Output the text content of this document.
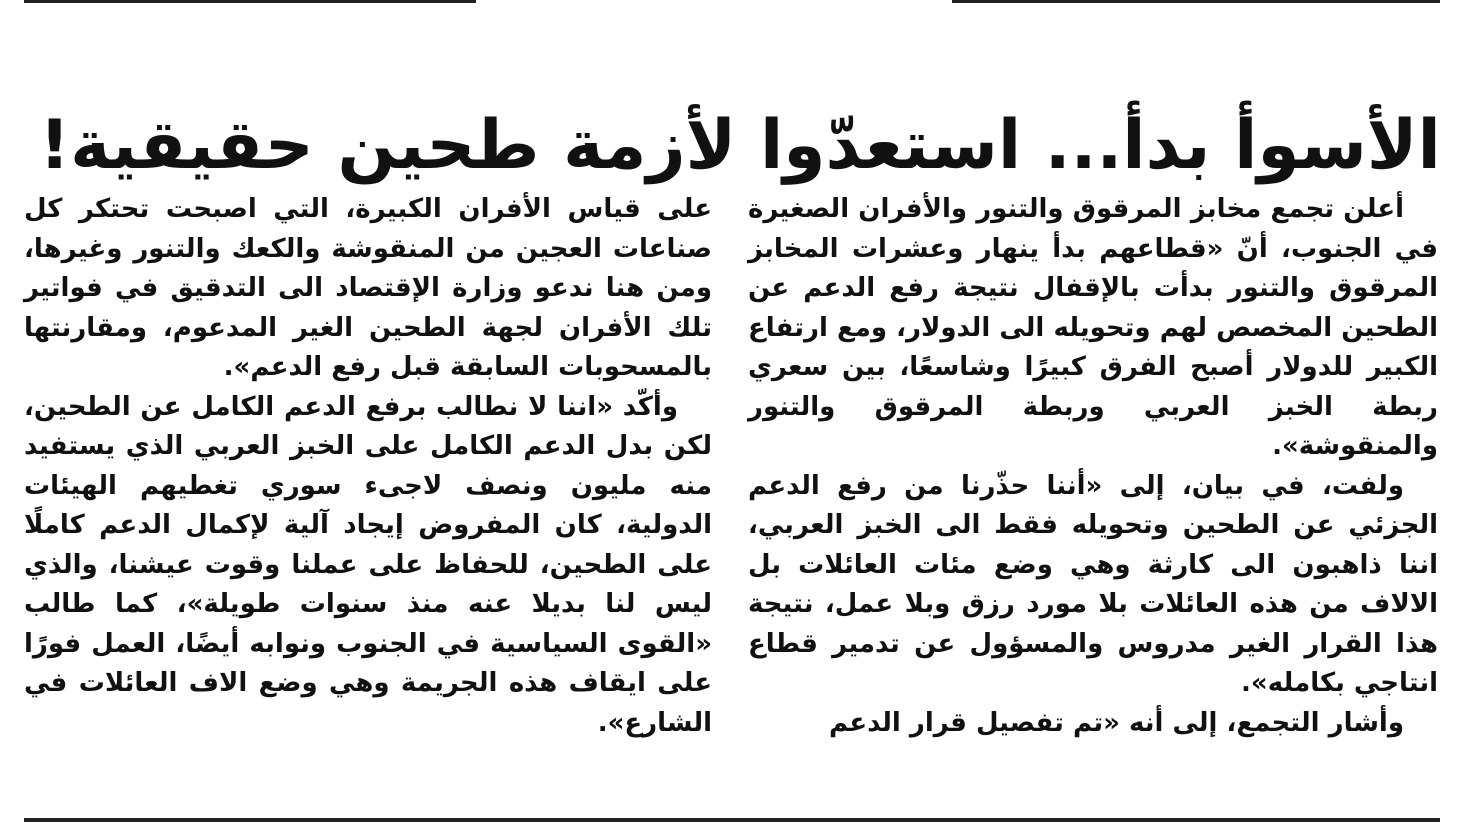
الأسوأ بدأ... استعدّوا لأزمة طحين حقيقية!

أعلن تجمع مخابز المرقوق والتنور والأفران الصغيرة في الجنوب، أنّ «قطاعهم بدأ ينهار وعشرات المخابز المرقوق والتنور بدأت بالإقفال نتيجة رفع الدعم عن الطحين المخصص لهم وتحويله الى الدولار، ومع ارتفاع الكبير للدولار أصبح الفرق كبيرًا وشاسعًا، بين سعري ربطة الخبز العربي وربطة المرقوق والتنور والمنقوشة».

ولفت، في بيان، إلى «أننا حذّرنا من رفع الدعم الجزئي عن الطحين وتحويله فقط الى الخبز العربي، اننا ذاهبون الى كارثة وهي وضع مئات العائلات بل الالاف من هذه العائلات بلا مورد رزق وبلا عمل، نتيجة هذا القرار الغير مدروس والمسؤول عن تدمير قطاع انتاجي بكامله».

وأشار التجمع، إلى أنه «تم تفصيل قرار الدعم

على قياس الأفران الكبيرة، التي اصبحت تحتكر كل صناعات العجين من المنقوشة والكعك والتنور وغيرها، ومن هنا ندعو وزارة الإقتصاد الى التدقيق في فواتير تلك الأفران لجهة الطحين الغير المدعوم، ومقارنتها بالمسحوبات السابقة قبل رفع الدعم».

وأكّد «اننا لا نطالب برفع الدعم الكامل عن الطحين، لكن بدل الدعم الكامل على الخبز العربي الذي يستفيد منه مليون ونصف لاجىء سوري تغطيهم الهيئات الدولية، كان المفروض إيجاد آلية لإكمال الدعم كاملًا على الطحين، للحفاظ على عملنا وقوت عيشنا، والذي ليس لنا بديلا عنه منذ سنوات طويلة»، كما طالب «القوى السياسية في الجنوب ونوابه أيضًا، العمل فورًا على ايقاف هذه الجريمة وهي وضع الاف العائلات في الشارع».
